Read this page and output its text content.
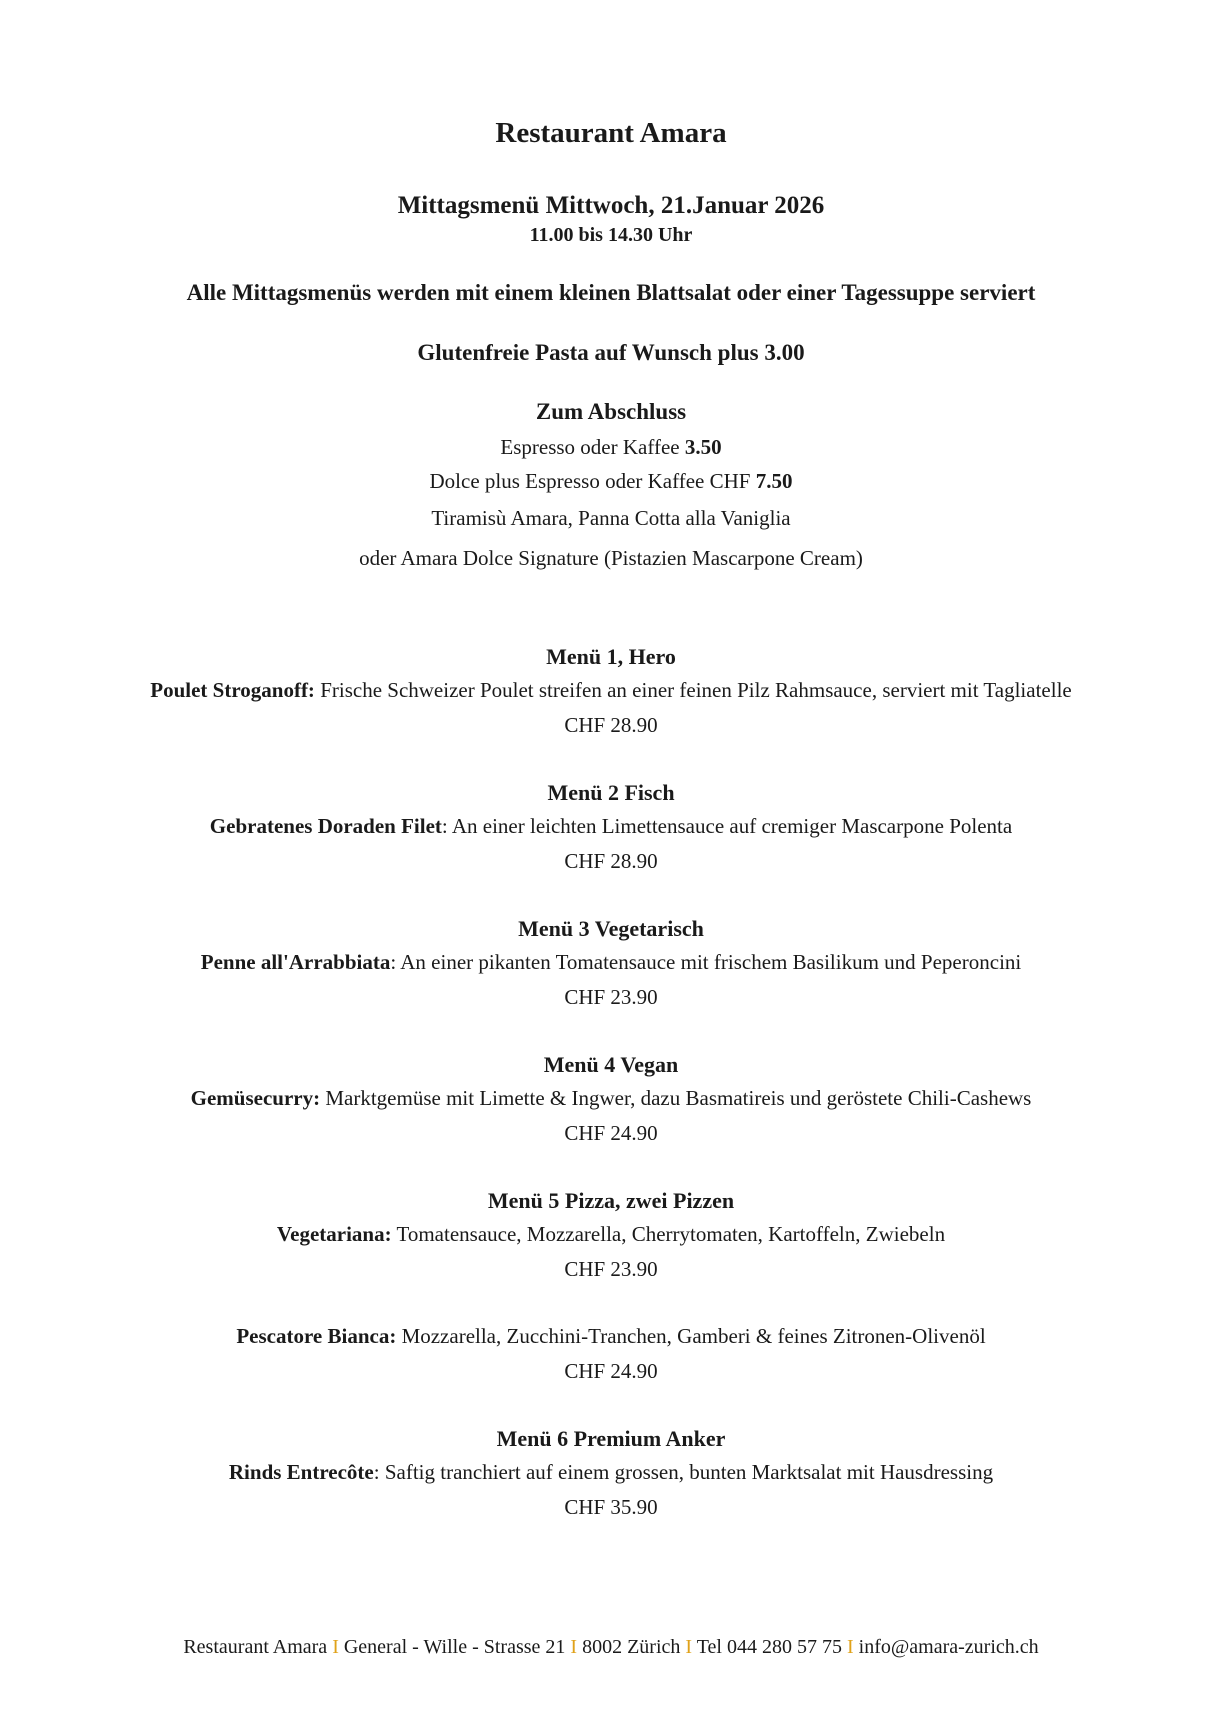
Restaurant Amara
Mittagsmenü Mittwoch, 21.Januar 2026
11.00 bis 14.30 Uhr
Alle Mittagsmenüs werden mit einem kleinen Blattsalat oder einer Tagessuppe serviert
Glutenfreie Pasta auf Wunsch plus 3.00
Zum Abschluss
Espresso oder Kaffee 3.50
Dolce plus Espresso oder Kaffee CHF 7.50
Tiramisù Amara, Panna Cotta alla Vaniglia
oder Amara Dolce Signature (Pistazien Mascarpone Cream)
Menü 1, Hero
Poulet Stroganoff: Frische Schweizer Poulet streifen an einer feinen Pilz Rahmsauce, serviert mit Tagliatelle
CHF 28.90
Menü 2 Fisch
Gebratenes Doraden Filet: An einer leichten Limettensauce auf cremiger Mascarpone Polenta
CHF 28.90
Menü 3 Vegetarisch
Penne all'Arrabbiata: An einer pikanten Tomatensauce mit frischem Basilikum und Peperoncini
CHF 23.90
Menü 4 Vegan
Gemüsecurry: Marktgemüse mit Limette & Ingwer, dazu Basmatireis und geröstete Chili-Cashews
CHF 24.90
Menü 5 Pizza, zwei Pizzen
Vegetariana: Tomatensauce, Mozzarella, Cherrytomaten, Kartoffeln, Zwiebeln
CHF 23.90
Pescatore Bianca: Mozzarella, Zucchini-Tranchen, Gamberi & feines Zitronen-Olivenöl
CHF 24.90
Menü 6 Premium Anker
Rinds Entrecôte: Saftig tranchiert auf einem grossen, bunten Marktsalat mit Hausdressing
CHF 35.90
Restaurant Amara I General - Wille - Strasse 21 I 8002 Zürich I Tel 044 280 57 75 I info@amara-zurich.ch
